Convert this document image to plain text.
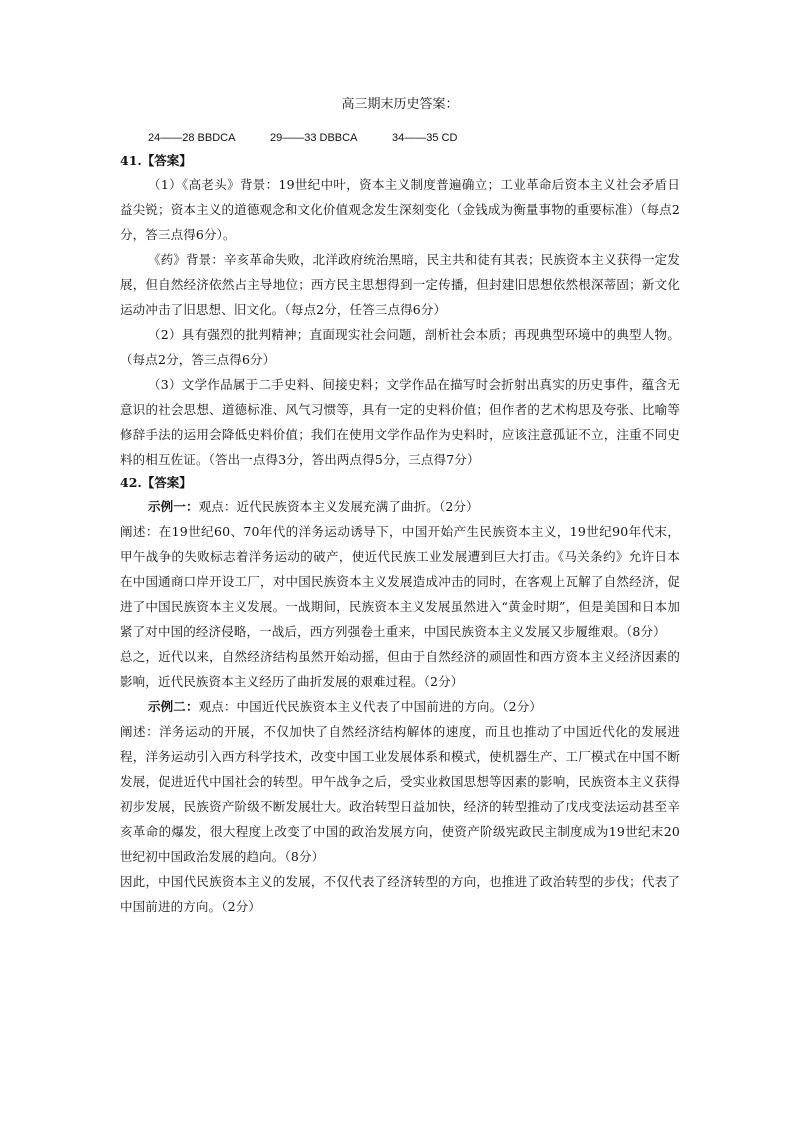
高三期末历史答案：
24——28 BBDCA	29——33 DBBCA	34——35 CD
41.【答案】

（1）《高老头》背景：19世纪中叶，资本主义制度普遍确立；工业革命后资本主义社会矛盾日益尖锐；资本主义的道德观念和文化价值观念发生深刻变化（金钱成为衡量事物的重要标准）（每点2分，答三点得6分）。

《药》背景：辛亥革命失败，北洋政府统治黑暗，民主共和徒有其表；民族资本主义获得一定发展，但自然经济依然占主导地位；西方民主思想得到一定传播，但封建旧思想依然根深蒂固；新文化运动冲击了旧思想、旧文化。（每点2分，任答三点得6分）

（2）具有强烈的批判精神；直面现实社会问题，剖析社会本质；再现典型环境中的典型人物。（每点2分，答三点得6分）

（3）文学作品属于二手史料、间接史料；文学作品在描写时会折射出真实的历史事件，蕴含无意识的社会思想、道德标准、风气习惯等，具有一定的史料价值；但作者的艺术构思及夸张、比喻等修辞手法的运用会降低史料价值；我们在使用文学作品作为史料时，应该注意孤证不立，注重不同史料的相互佐证。（答出一点得3分，答出两点得5分，三点得7分）

42.【答案】

示例一：观点：近代民族资本主义发展充满了曲折。（2分）

阐述：在19世纪60、70年代的洋务运动诱导下，中国开始产生民族资本主义，19世纪90年代末，甲午战争的失败标志着洋务运动的破产，使近代民族工业发展遭到巨大打击。《马关条约》允许日本在中国通商口岸开设工厂，对中国民族资本主义发展造成冲击的同时，在客观上瓦解了自然经济，促进了中国民族资本主义发展。一战期间，民族资本主义发展虽然进入“黄金时期”，但是美国和日本加紧了对中国的经济侵略，一战后，西方列强卷土重来，中国民族资本主义发展又步履维艰。（8分）

总之，近代以来，自然经济结构虽然开始动摇，但由于自然经济的顽固性和西方资本主义经济因素的影响，近代民族资本主义经历了曲折发展的艰难过程。（2分）

示例二：观点：中国近代民族资本主义代表了中国前进的方向。（2分）

阐述：洋务运动的开展，不仅加快了自然经济结构解体的速度，而且也推动了中国近代化的发展进程，洋务运动引入西方科学技术，改变中国工业发展体系和模式，使机器生产、工厂模式在中国不断发展，促进近代中国社会的转型。甲午战争之后，受实业救国思想等因素的影响，民族资本主义获得初步发展，民族资产阶级不断发展壮大。政治转型日益加快，经济的转型推动了戊戌变法运动甚至辛亥革命的爆发，很大程度上改变了中国的政治发展方向，使资产阶级宪政民主制度成为19世纪末20世纪初中国政治发展的趋向。（8分）

因此，中国代民族资本主义的发展，不仅代表了经济转型的方向，也推进了政治转型的步伐；代表了中国前进的方向。（2分）
